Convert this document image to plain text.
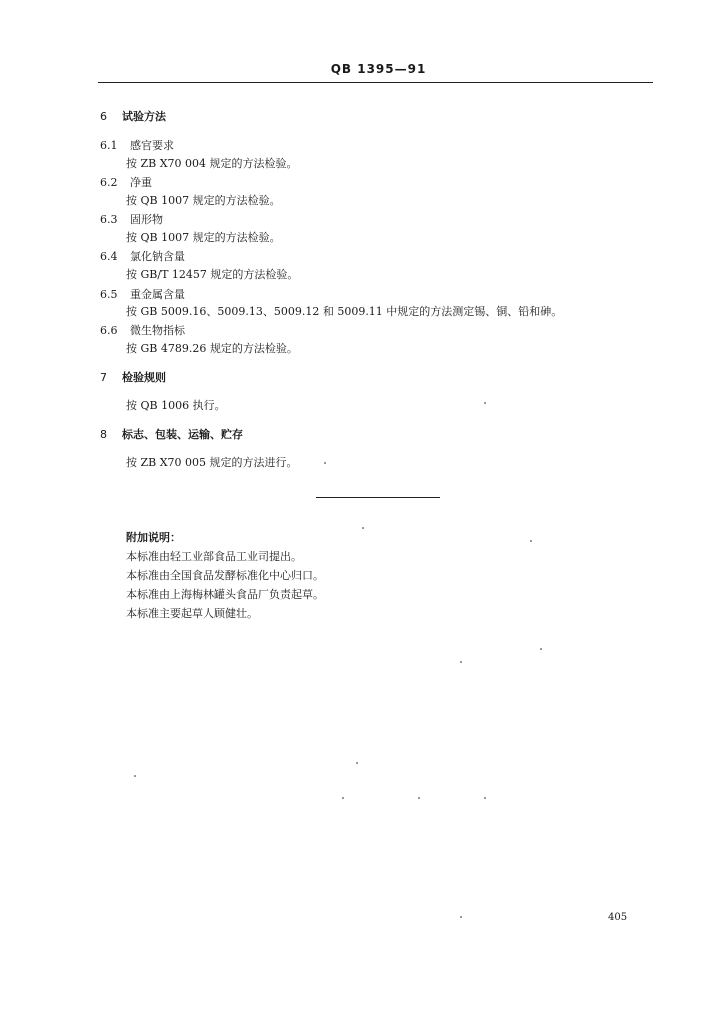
QB 1395—91
6 试验方法
6.1 感官要求
按 ZB X70 004 规定的方法检验。
6.2 净重
按 QB 1007 规定的方法检验。
6.3 固形物
按 QB 1007 规定的方法检验。
6.4 氯化钠含量
按 GB/T 12457 规定的方法检验。
6.5 重金属含量
按 GB 5009.16、5009.13、5009.12 和 5009.11 中规定的方法测定锡、铜、铅和砷。
6.6 微生物指标
按 GB 4789.26 规定的方法检验。
7 检验规则
按 QB 1006 执行。
8 标志、包装、运输、贮存
按 ZB X70 005 规定的方法进行。
附加说明：
本标准由轻工业部食品工业司提出。
本标准由全国食品发酵标准化中心归口。
本标准由上海梅林罐头食品厂负责起草。
本标准主要起草人顾健壮。
405
